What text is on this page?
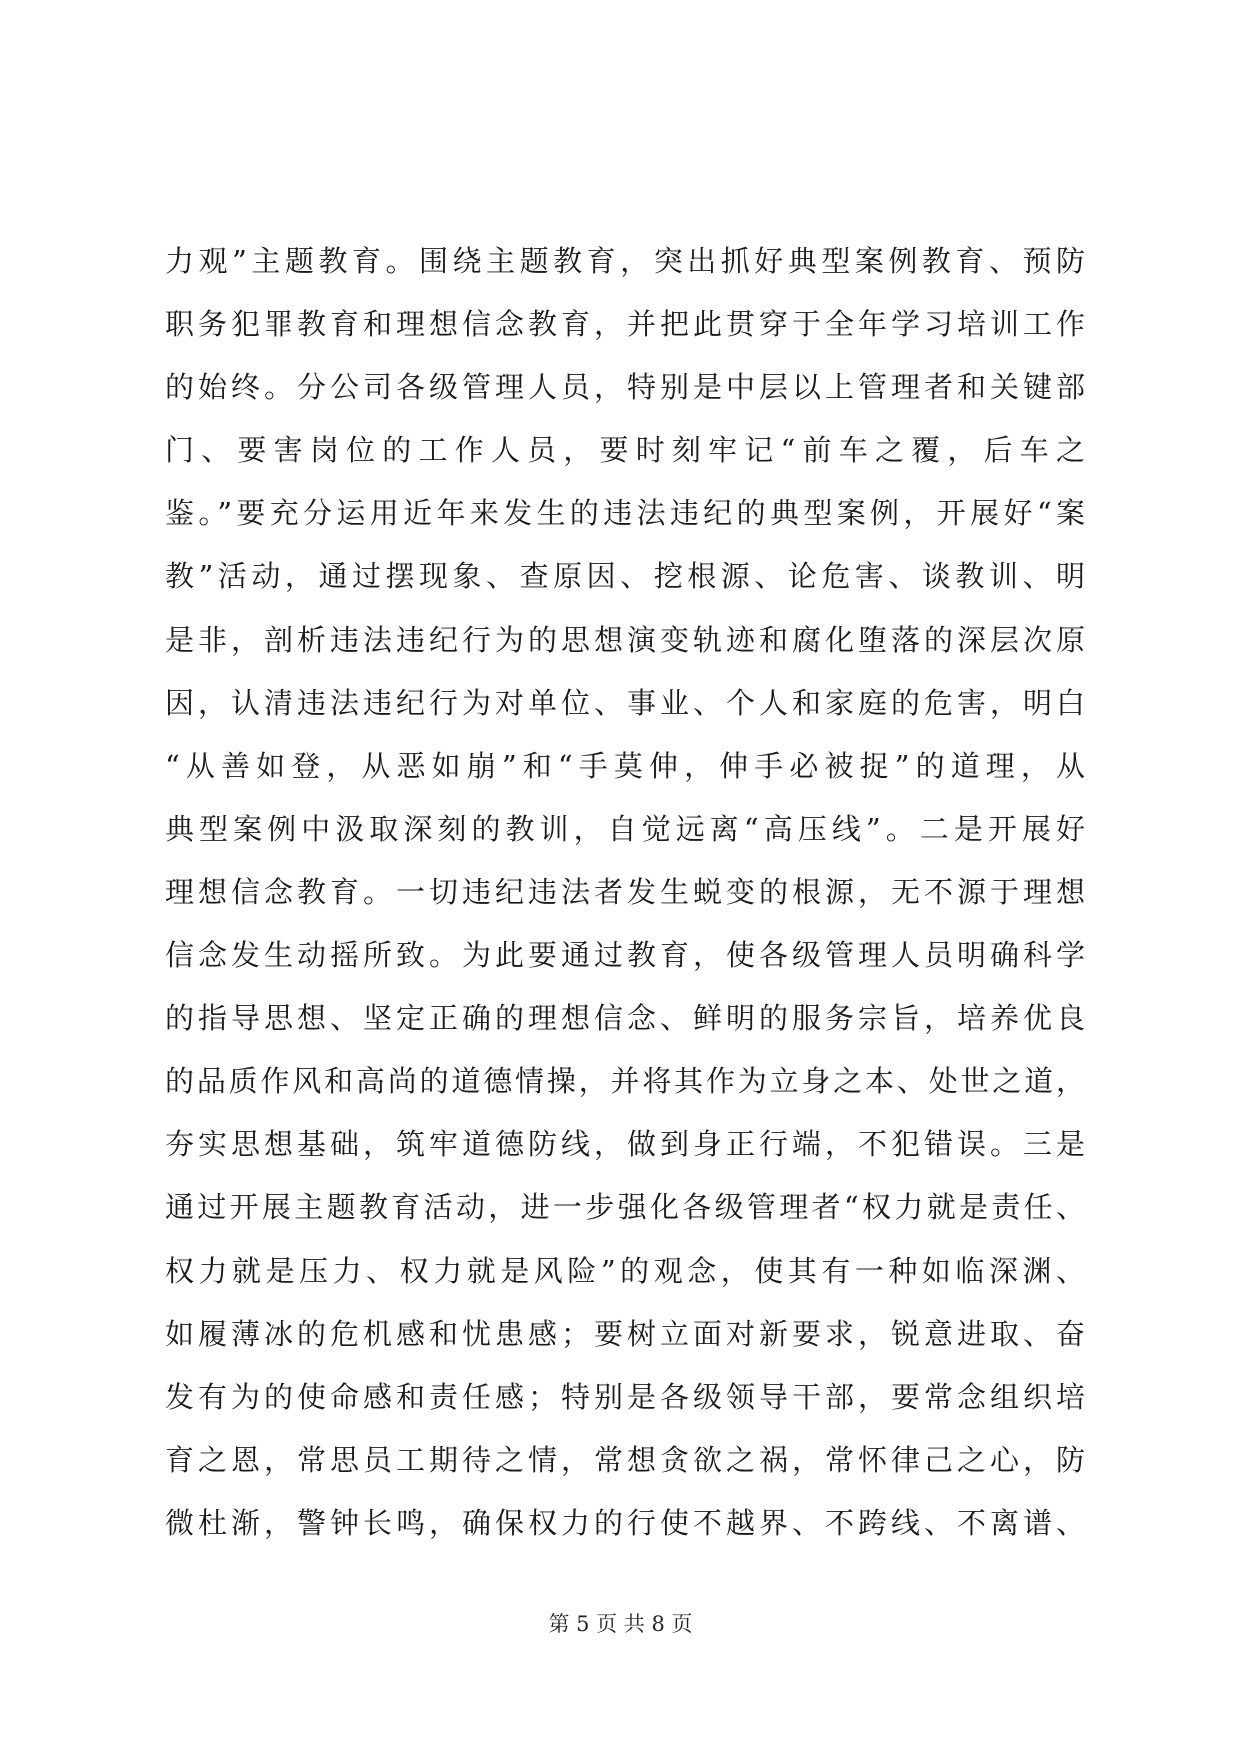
力观”主题教育。围绕主题教育，突出抓好典型案例教育、预防
职务犯罪教育和理想信念教育，并把此贯穿于全年学习培训工作
的始终。分公司各级管理人员，特别是中层以上管理者和关键部
门、要害岗位的工作人员，要时刻牢记“前车之覆，后车之
鉴。”要充分运用近年来发生的违法违纪的典型案例，开展好“案
教”活动，通过摆现象、查原因、挖根源、论危害、谈教训、明
是非，剖析违法违纪行为的思想演变轨迹和腐化堕落的深层次原
因，认清违法违纪行为对单位、事业、个人和家庭的危害，明白
“从善如登，从恶如崩”和“手莫伸，伸手必被捉”的道理，从
典型案例中汲取深刻的教训，自觉远离“高压线”。二是开展好
理想信念教育。一切违纪违法者发生蜕变的根源，无不源于理想
信念发生动摇所致。为此要通过教育，使各级管理人员明确科学
的指导思想、坚定正确的理想信念、鲜明的服务宗旨，培养优良
的品质作风和高尚的道德情操，并将其作为立身之本、处世之道，
夯实思想基础，筑牢道德防线，做到身正行端，不犯错误。三是
通过开展主题教育活动，进一步强化各级管理者“权力就是责任、
权力就是压力、权力就是风险”的观念，使其有一种如临深渊、
如履薄冰的危机感和忧患感；要树立面对新要求，锐意进取、奋
发有为的使命感和责任感；特别是各级领导干部，要常念组织培
育之恩，常思员工期待之情，常想贪欲之祸，常怀律己之心，防
微杜渐，警钟长鸣，确保权力的行使不越界、不跨线、不离谱、
第 5 页 共 8 页
